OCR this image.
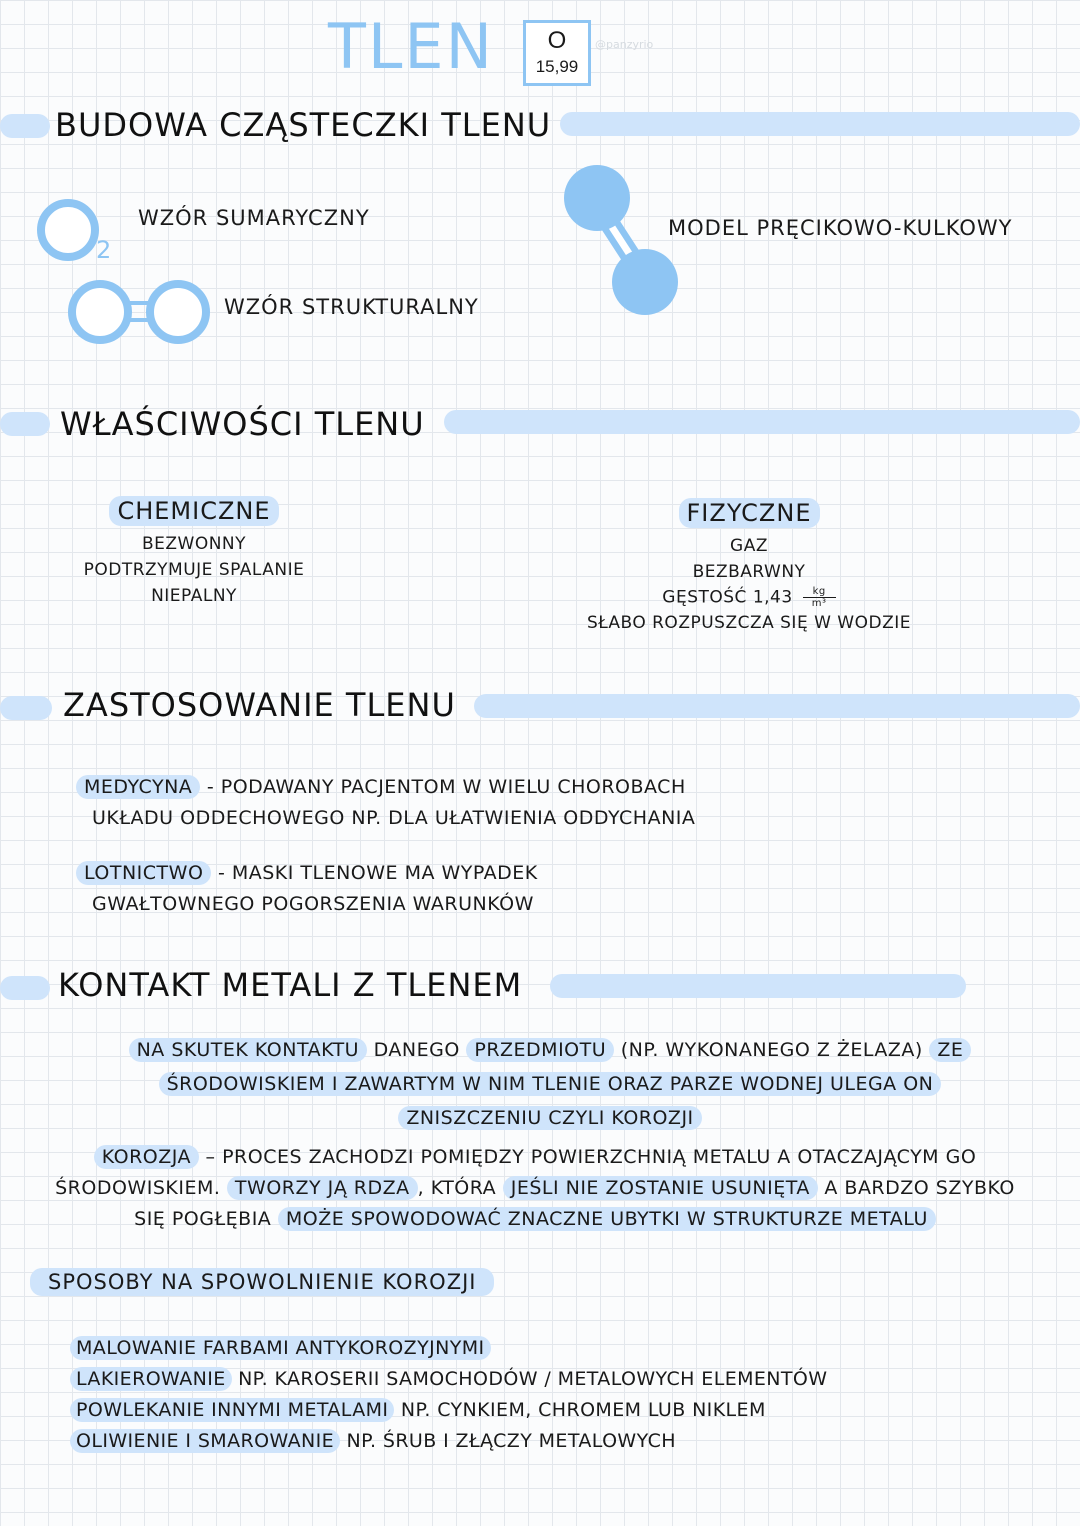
TLEN	O
15,99
@panzyrio
BUDOWA CZĄSTECZKI TLENU
2
WZÓR SUMARYCZNY
WZÓR STRUKTURALNY
MODEL PRĘCIKOWO-KULKOWY
WŁAŚCIWOŚCI TLENU
CHEMICZNE
BEZWONNY
PODTRZYMUJE SPALANIE
NIEPALNY
FIZYCZNE
GAZ
BEZBARWNY
GĘSTOŚĆ $1,43 \frac{kg}{\text{m³}}$
SŁABO ROZPUSZCZA SIĘ W WODZIE
ZASTOSOWANIE TLENU
MEDYCYNA - PODAWANY PACJENTOM W WIELU CHOROBACH
UKŁADU ODDECHOWEGO NP. DLA UŁATWIENIA ODDYCHANIA
LOTNICTWO - MASKI TLENOWE MA WYPADEK
GWAŁTOWNEGO POGORSZENIA WARUNKÓW
KONTAKT METALI Z TLENEM
NA SKUTEK KONTAKTU DANEGO PRZEDMIOTU (NP. WYKONANEGO Z ŻELAZA) ZE
ŚRODOWISKIEM I ZAWARTYM W NIM TLENIE ORAZ PARZE WODNEJ ULEGA ON
ZNISZCZENIU CZYLI KOROZJI
KOROZJA – PROCES ZACHODZI POMIĘDZY POWIERZCHNIĄ METALU A OTACZAJĄCYM GO
ŚRODOWISKIEM. TWORZY JĄ RDZA , KTÓRA JEŚLI NIE ZOSTANIE USUNIĘTA A BARDZO SZYBKO
SIĘ POGŁĘBIA MOŻE SPOWODOWAĆ ZNACZNE UBYTKI W STRUKTURZE METALU
SPOSOBY NA SPOWOLNIENIE KOROZJI
MALOWANIE FARBAMI ANTYKOROZYJNYMI
LAKIEROWANIE NP. KAROSERII SAMOCHODÓW / METALOWYCH ELEMENTÓW
POWLEKANIE INNYMI METALAMI NP. CYNKIEM, CHROMEM LUB NIKLEM
OLIWIENIE I SMAROWANIE NP. ŚRUB I ZŁĄCZY METALOWYCH
